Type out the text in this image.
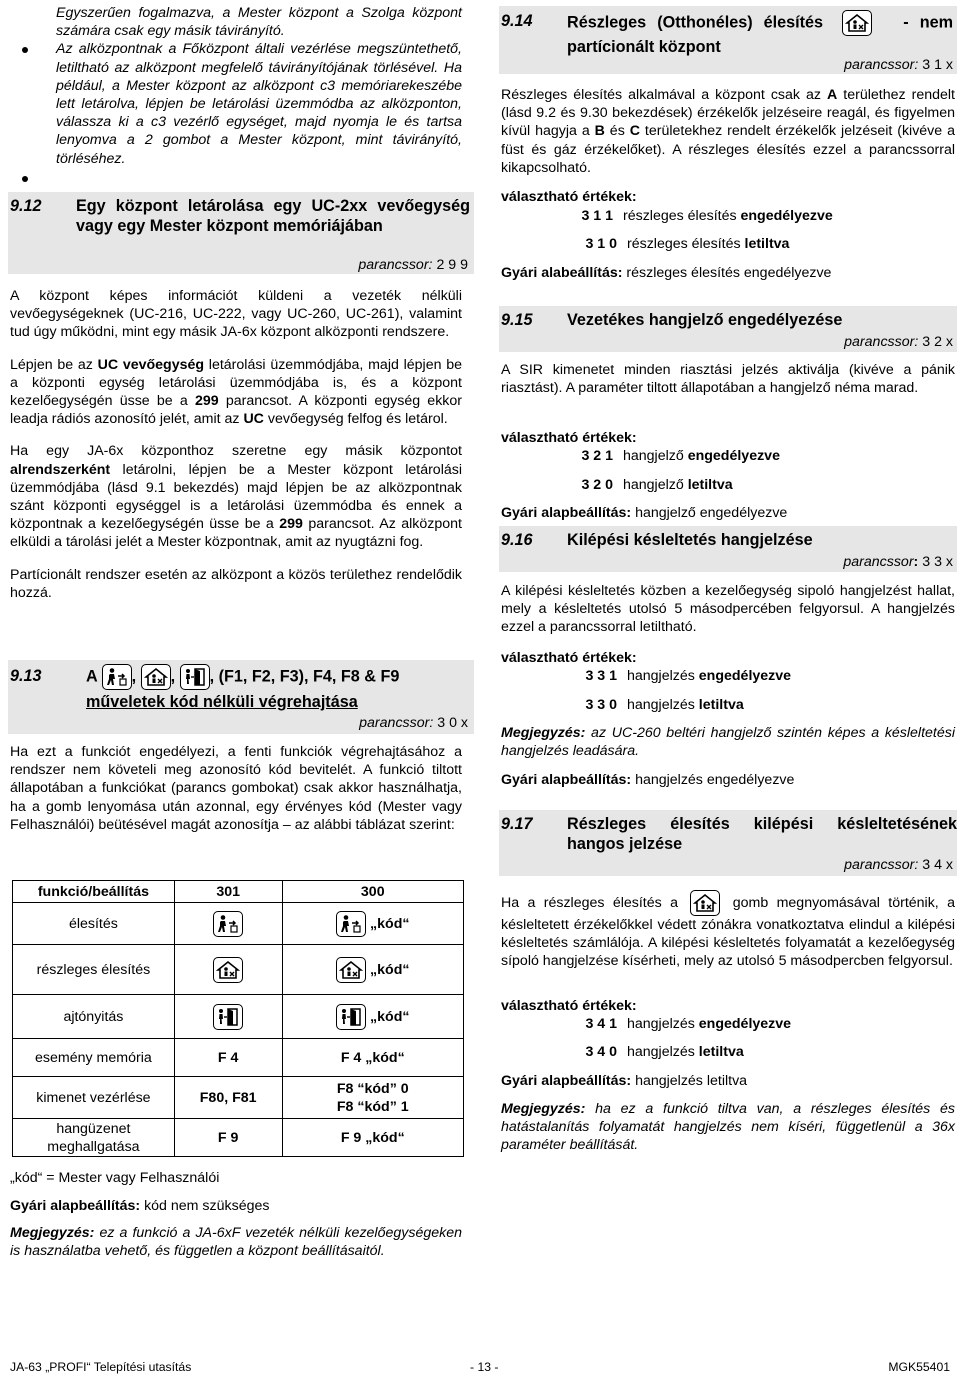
Egyszerűen fogalmazva, a Mester központ a Szolga központ számára csak egy másik távirányító.
Az alközpontnak a Főközpont általi vezérlése megszüntethető, letiltható az alközpont megfelelő távirányítójának törlésével. Ha például, a Mester központ az alközpont c3 memóriarekeszébe lett letárolva, lépjen be letárolási üzemmódba az alközponton, válassza ki a c3 vezérlő egységet, majd nyomja le és tartsa lenyomva a 2 gombot a Mester központ, mint távirányító, törléséhez.
9.12	Egy központ letárolása egy UC-2xx vevőegység vagy egy Mester központ memóriájában
parancssor: 2 9 9

A központ képes információt küldeni a vezeték nélküli vevőegységeknek (UC-216, UC-222, vagy UC-260, UC-261), valamint tud úgy működni, mint egy másik JA-6x központ alközponti rendszere.

Lépjen be az UC vevőegység letárolási üzemmódjába, majd lépjen be a központi egység letárolási üzemmódjába is, és a központ kezelőegységén üsse be a 299 parancsot. A központi egység ekkor leadja rádiós azonosító jelét, amit az UC vevőegység felfog és letárol.

Ha egy JA-6x központhoz szeretne egy másik központot alrendszerként letárolni, lépjen be a Mester központ letárolási üzemmódjába (lásd 9.1 bekezdés) majd lépjen be az alközpontnak szánt központi egységgel is a letárolási üzemmódba és ennek a központnak a kezelőegységén üsse be a 299 parancsot. Az alközpont elküldi a tárolási jelét a Mester központnak, amit az nyugtázni fog.

Partícionált rendszer esetén az alközpont a közös területhez rendelődik hozzá.

9.13	A ,
,
, (F1, F2, F3), F4, F8 & F9
műveletek kód nélküli végrehajtása
parancssor: 3 0 x

Ha ezt a funkciót engedélyezi, a fenti funkciók végrehajtásához a rendszer nem követeli meg azonosító kód bevitelét. A funkció tiltott állapotában a funkciókat (parancs gombokat) csak akkor használhatja, ha a gomb lenyomása után azonnal, egy érvényes kód (Mester vagy Felhasználói) beütésével magát azonosítja – az alábbi táblázat szerint:

funkció/beállítás	301	300
élesítés		„kód“
részleges élesítés		„kód“
ajtónyitás		„kód“
esemény memória	F 4	F 4 „kód“
kimenet vezérlése	F80, F81	F8 “kód” 0
F8 “kód” 1
hangüzenet meghallgatása	F 9	F 9 „kód“
„kód“ = Mester vagy Felhasználói
Gyári alapbeállítás: kód nem szükséges
Megjegyzés: ez a funkció a JA-6xF vezeték nélküli kezelőegységeken is használatba vehető, és független a központ beállításaitól.
9.14	Részleges (Otthonéles) élesítés	- nem partícionált központ
parancssor: 3 1 x
Részleges élesítés alkalmával a központ csak az A területhez rendelt (lásd 9.2 és 9.30 bekezdések) érzékelők jelzéseire reagál, és figyelmen kívül hagyja a B és C területekhez rendelt érzékelők jelzéseit (kivéve a füst és gáz érzékelőket). A részleges élesítés ezzel a parancssorral kikapcsolható.
választható értékek:
3 1 1 részleges élesítés engedélyezve
3 1 0 részleges élesítés letiltva
Gyári alabeállítás: részleges élesítés engedélyezve
9.15	Vezetékes hangjelző engedélyezése
parancssor: 3 2 x
A SIR kimenetet minden riasztási jelzés aktiválja (kivéve a pánik riasztást). A paraméter tiltott állapotában a hangjelző néma marad.
választható értékek:
3 2 1 hangjelző engedélyezve
3 2 0 hangjelző letiltva
Gyári alapbeállítás: hangjelző engedélyezve
9.16	Kilépési késleltetés hangjelzése
parancssor: 3 3 x
A kilépési késleltetés közben a kezelőegység sipoló hangjelzést hallat, mely a késleltetés utolsó 5 másodpercében felgyorsul. A hangjelzés ezzel a parancssorral letiltható.
választható értékek:
3 3 1 hangjelzés engedélyezve
3 3 0 hangjelzés letiltva
Megjegyzés: az UC-260 beltéri hangjelző szintén képes a késleltetési hangjelzés leadására.
Gyári alapbeállítás: hangjelzés engedélyezve
9.17	Részleges élesítés kilépési késleltetésének hangos jelzése
parancssor: 3 4 x
Ha a részleges élesítés a	gomb megnyomásával történik, a késleltetett érzékelőkkel védett zónákra vonatkoztatva elindul a kilépési késleltetés számlálója. A kilépési késleltetés folyamatát a kezelőegység sípoló hangjelzése kísérheti, mely az utolsó 5 másodpercben felgyorsul.
választható értékek:
3 4 1 hangjelzés engedélyezve
3 4 0 hangjelzés letiltva
Gyári alapbeállítás: hangjelzés letiltva
Megjegyzés: ha ez a funkció tiltva van, a részleges élesítés és hatástalanítás folyamatát hangjelzés nem kíséri, függetlenül a 36x paraméter beállítását.
JA-63 „PROFI“ Telepítési utasítás	- 13 -	MGK55401
